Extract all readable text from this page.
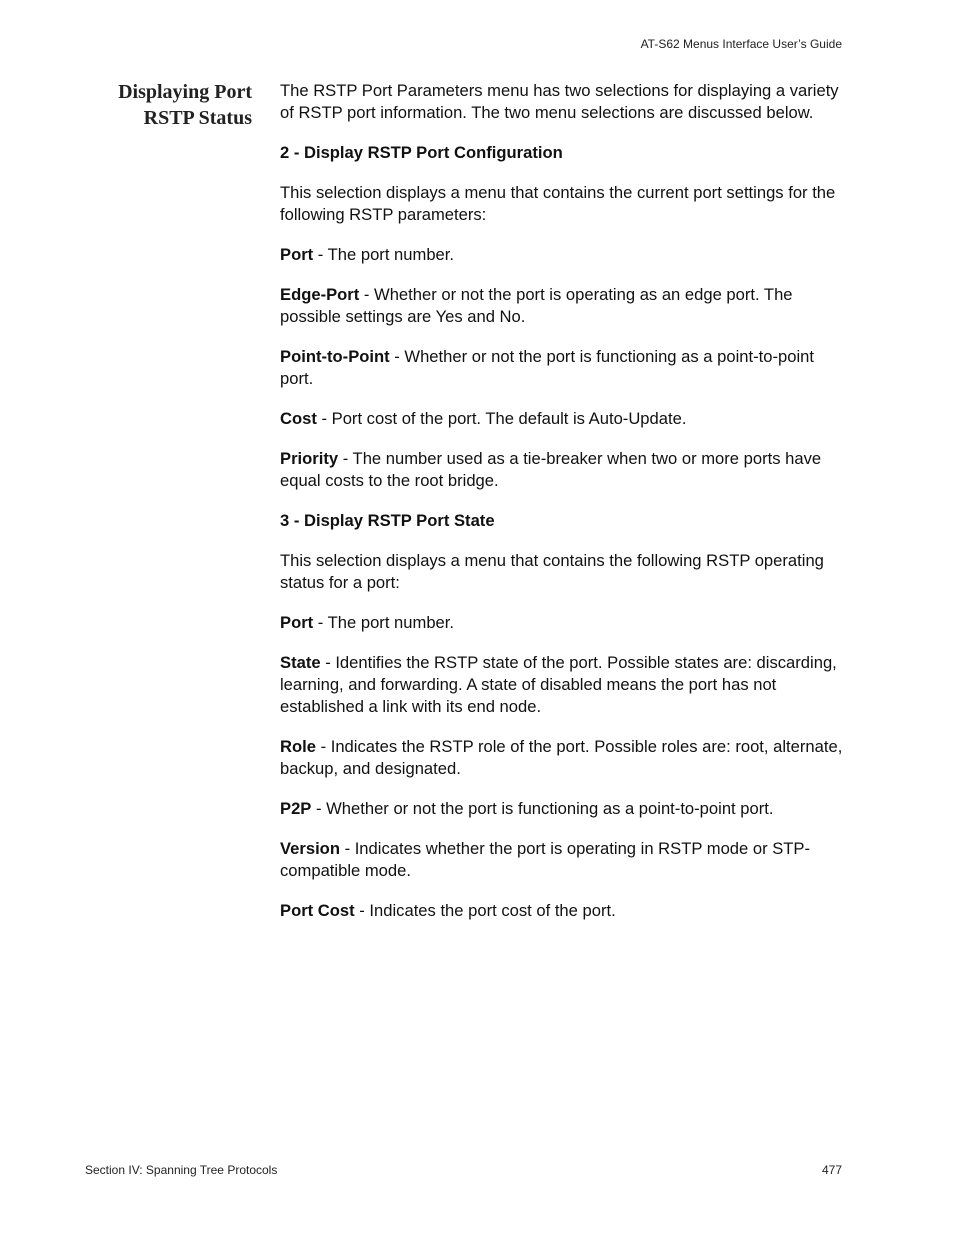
AT-S62 Menus Interface User’s Guide
Displaying Port
RSTP Status

The RSTP Port Parameters menu has two selections for displaying a variety of RSTP port information. The two menu selections are discussed below.

2 - Display RSTP Port Configuration

This selection displays a menu that contains the current port settings for the following RSTP parameters:

Port - The port number.

Edge-Port - Whether or not the port is operating as an edge port. The possible settings are Yes and No.

Point-to-Point - Whether or not the port is functioning as a point-to-point port.

Cost - Port cost of the port. The default is Auto-Update.

Priority - The number used as a tie-breaker when two or more ports have equal costs to the root bridge.

3 - Display RSTP Port State

This selection displays a menu that contains the following RSTP operating status for a port:

Port - The port number.

State - Identifies the RSTP state of the port. Possible states are: discarding, learning, and forwarding. A state of disabled means the port has not established a link with its end node.

Role - Indicates the RSTP role of the port. Possible roles are: root, alternate, backup, and designated.

P2P - Whether or not the port is functioning as a point-to-point port.

Version - Indicates whether the port is operating in RSTP mode or STP-compatible mode.

Port Cost - Indicates the port cost of the port.

Section IV: Spanning Tree Protocols	477
